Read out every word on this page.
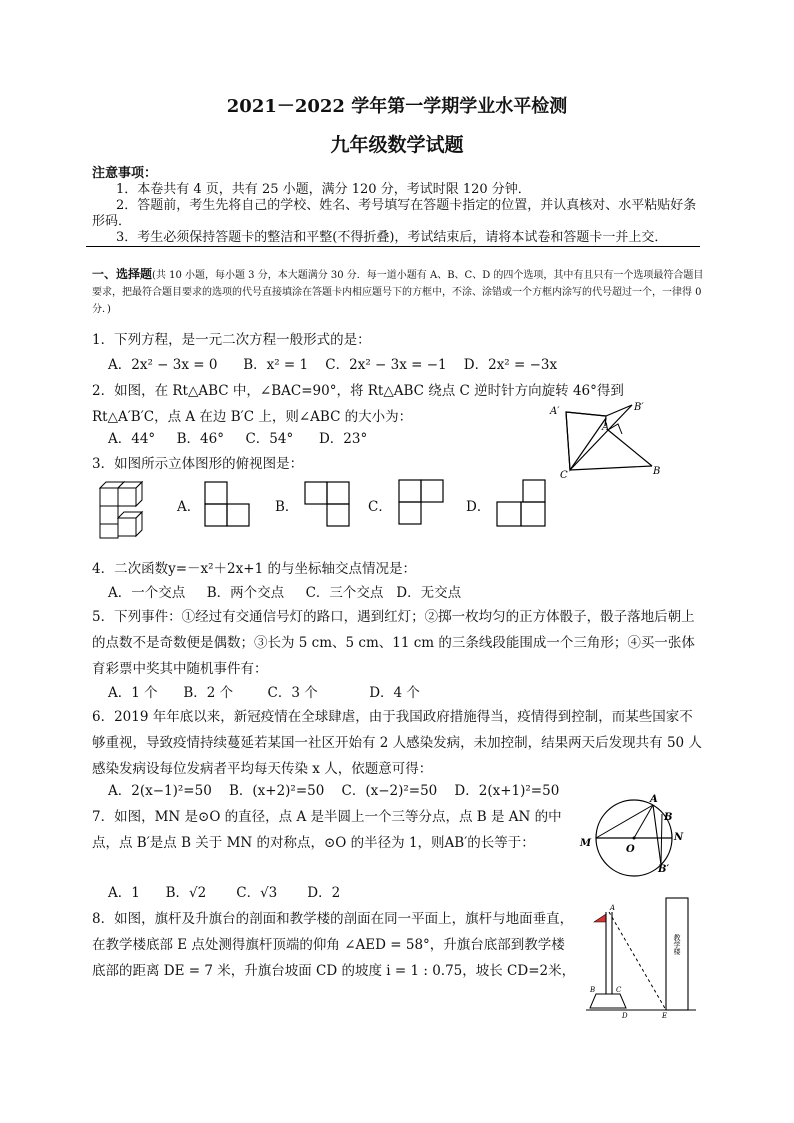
2021－2022 学年第一学期学业水平检测
九年级数学试题
注意事项：
1．本卷共有 4 页，共有 25 小题，满分 120 分，考试时限 120 分钟．
2．答题前，考生先将自己的学校、姓名、考号填写在答题卡指定的位置，并认真核对、水平粘贴好条形码．
3．考生必须保持答题卡的整洁和平整(不得折叠)，考试结束后，请将本试卷和答题卡一并上交．
一、选择题(共 10 小题，每小题 3 分，本大题满分 30 分．每一道小题有 A、B、C、D 的四个选项，其中有且只有一个选项最符合题目要求，把最符合题目要求的选项的代号直接填涂在答题卡内相应题号下的方框中，不涂、涂错或一个方框内涂写的代号超过一个，一律得 0 分．)
1．下列方程，是一元二次方程一般形式的是：
A．2x² − 3x = 0      B．x² = 1    C．2x² − 3x = −1    D．2x² = −3x
2．如图，在 Rt△ABC 中，∠BAC=90°，将 Rt△ABC 绕点 C 逆时针方向旋转 46°得到 Rt△A′B′C，点 A 在边 B′C 上，则∠ABC 的大小为：
A．44°     B．46°     C．54°      D．23°
A′	B′
A
C	B
3．如图所示立体图形的俯视图是：
A．	B．	C．	D．
4．二次函数y=－x²＋2x+1 的与坐标轴交点情况是：
A．一个交点     B．两个交点     C．三个交点   D．无交点
5．下列事件：①经过有交通信号灯的路口，遇到红灯；②掷一枚均匀的正方体骰子，骰子落地后朝上的点数不是奇数便是偶数；③长为 5 cm、5 cm、11 cm 的三条线段能围成一个三角形；④买一张体育彩票中奖其中随机事件有：
A．1 个      B．2 个        C．3 个            D．4 个
6．2019 年年底以来，新冠疫情在全球肆虐，由于我国政府措施得当，疫情得到控制，而某些国家不够重视，导致疫情持续蔓延若某国一社区开始有 2 人感染发病，未加控制，结果两天后发现共有 50 人感染发病设每位发病者平均每天传染 x 人，依题意可得：
A．2(x−1)²=50    B．(x+2)²=50    C．(x−2)²=50    D．2(x+1)²=50
7．如图，MN 是⊙O 的直径，点 A 是半圆上一个三等分点，点 B 是 AN 的中点，点 B′是点 B 关于 MN 的对称点，⊙O 的半径为 1，则AB′的长等于：
A．1      B．√2       C．√3       D．2
A
B
N
M
O
B′
8．如图，旗杆及升旗台的剖面和教学楼的剖面在同一平面上，旗杆与地面垂直，在教学楼底部 E 点处测得旗杆顶端的仰角 ∠AED = 58°，升旗台底部到教学楼底部的距离 DE = 7 米，升旗台坡面 CD 的坡度 i = 1 : 0.75，坡长 CD=2米，
A
B	C
D	E
教学楼
